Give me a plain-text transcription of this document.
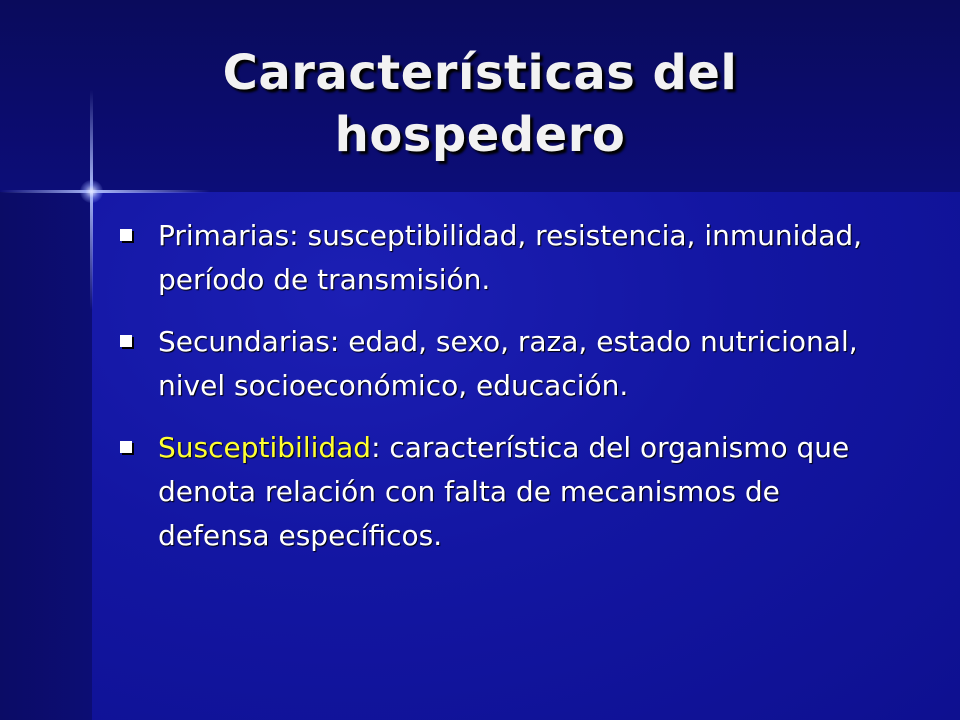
Características del hospedero
Primarias: susceptibilidad, resistencia, inmunidad, período de transmisión.
Secundarias: edad, sexo, raza, estado nutricional, nivel socioeconómico, educación.
Susceptibilidad: característica del organismo que denota relación con falta de mecanismos de defensa específicos.
